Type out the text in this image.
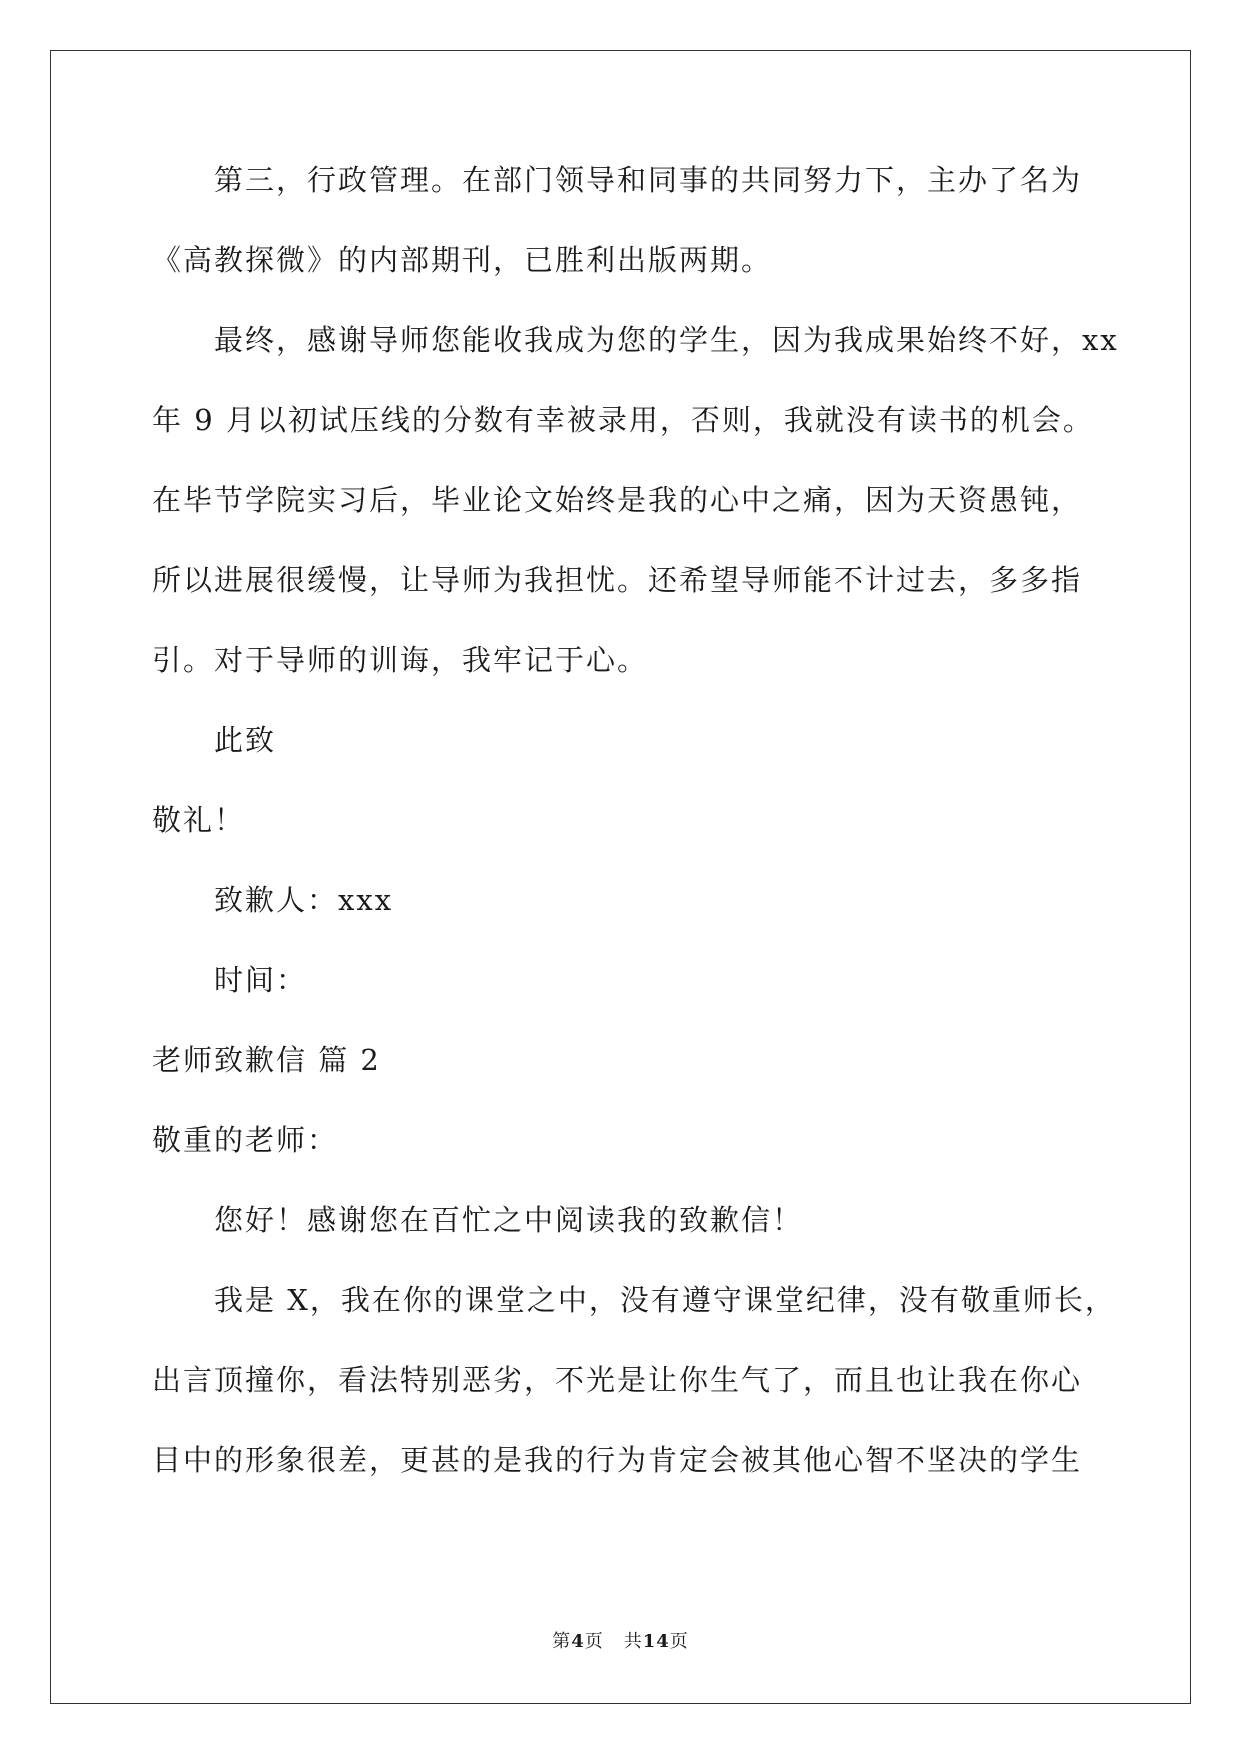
第三，行政管理。在部门领导和同事的共同努力下，主办了名为
《高教探微》的内部期刊，已胜利出版两期。
最终，感谢导师您能收我成为您的学生，因为我成果始终不好，xx
年 9 月以初试压线的分数有幸被录用，否则，我就没有读书的机会。
在毕节学院实习后，毕业论文始终是我的心中之痛，因为天资愚钝，
所以进展很缓慢，让导师为我担忧。还希望导师能不计过去，多多指
引。对于导师的训诲，我牢记于心。
此致
敬礼！
致歉人：xxx
时间：
老师致歉信 篇 2
敬重的老师：
您好！感谢您在百忙之中阅读我的致歉信！
我是 X，我在你的课堂之中，没有遵守课堂纪律，没有敬重师长，
出言顶撞你，看法特别恶劣，不光是让你生气了，而且也让我在你心
目中的形象很差，更甚的是我的行为肯定会被其他心智不坚决的学生
第4页 共14页
